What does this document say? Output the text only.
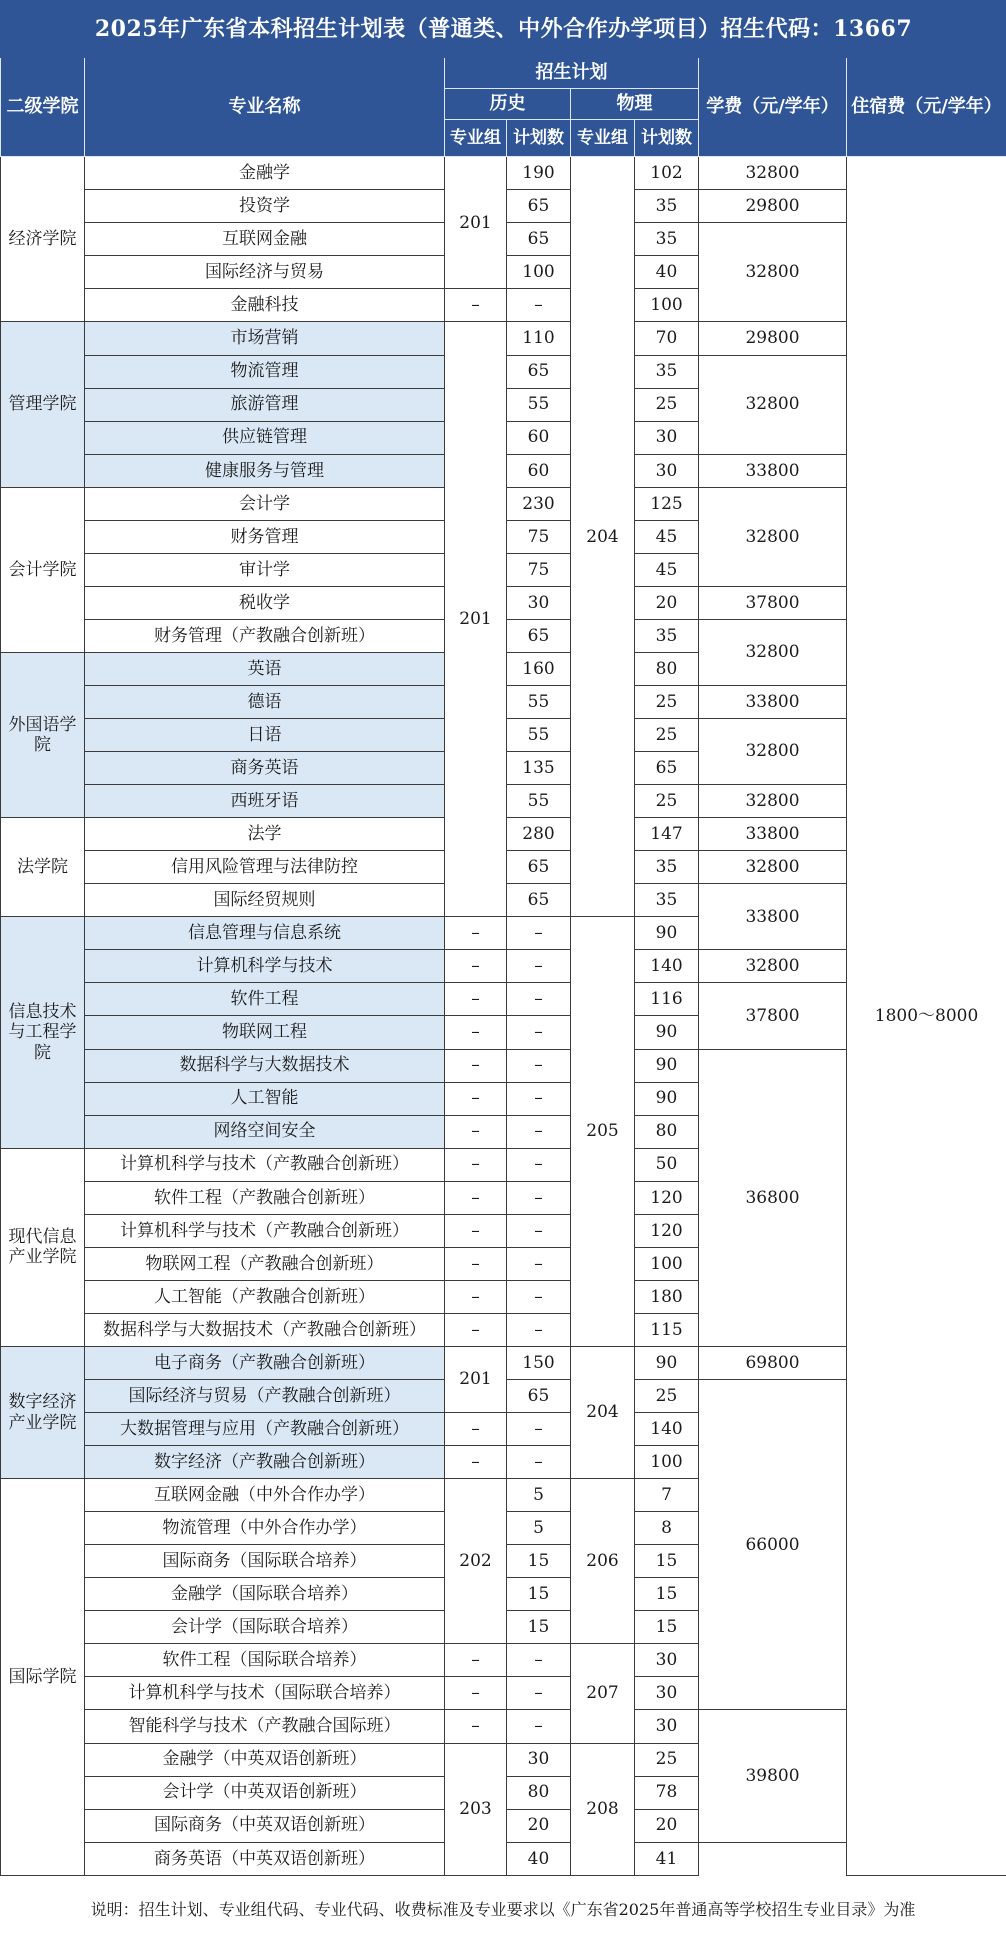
2025年广东省本科招生计划表（普通类、中外合作办学项目）招生代码：13667							
二级学院	专业名称	招生计划				学费（元/学年）	住宿费（元/学年）
		历史		物理			
		专业组	计划数	专业组	计划数		
经济学院	金融学	201	190	204	102	32800	1800～8000
	投资学		65		35	29800	
	互联网金融		65		35	32800	
	国际经济与贸易		100		40		
	金融科技	–	–		100		
管理学院	市场营销	201	110		70	29800	
	物流管理		65		35	32800	
	旅游管理		55		25		
	供应链管理		60		30		
	健康服务与管理		60		30	33800	
会计学院	会计学		230		125	32800	
	财务管理		75		45		
	审计学		75		45		
	税收学		30		20	37800	
	财务管理（产教融合创新班）		65		35	32800	
外国语学院	英语		160		80		
	德语		55		25	33800	
	日语		55		25	32800	
	商务英语		135		65		
	西班牙语		55		25	32800	
法学院	法学		280		147	33800	
	信用风险管理与法律防控		65		35	32800	
	国际经贸规则		65		35	33800	
信息技术与工程学院	信息管理与信息系统	–	–	205	90		
	计算机科学与技术	–	–		140	32800	
	软件工程	–	–		116	37800	
	物联网工程	–	–		90		
	数据科学与大数据技术	–	–		90	36800	
	人工智能	–	–		90		
	网络空间安全	–	–		80		
现代信息产业学院	计算机科学与技术（产教融合创新班）	–	–		50		
	软件工程（产教融合创新班）	–	–		120		
	计算机科学与技术（产教融合创新班）	–	–		120		
	物联网工程（产教融合创新班）	–	–		100		
	人工智能（产教融合创新班）	–	–		180		
	数据科学与大数据技术（产教融合创新班）	–	–		115		
数字经济产业学院	电子商务（产教融合创新班）	201	150	204	90	69800	
	国际经济与贸易（产教融合创新班）		65		25	66000	
	大数据管理与应用（产教融合创新班）	–	–		140		
	数字经济（产教融合创新班）	–	–		100		
国际学院	互联网金融（中外合作办学）	202	5	206	7		
	物流管理（中外合作办学）		5		8		
	国际商务（国际联合培养）		15		15		
	金融学（国际联合培养）		15		15		
	会计学（国际联合培养）		15		15		
	软件工程（国际联合培养）	–	–	207	30		
	计算机科学与技术（国际联合培养）	–	–		30		
	智能科学与技术（产教融合国际班）	–	–		30	39800	
	金融学（中英双语创新班）	203	30	208	25		
	会计学（中英双语创新班）		80		78		
	国际商务（中英双语创新班）		20		20		
	商务英语（中英双语创新班）		40		41		
说明：招生计划、专业组代码、专业代码、收费标准及专业要求以《广东省2025年普通高等学校招生专业目录》为准
